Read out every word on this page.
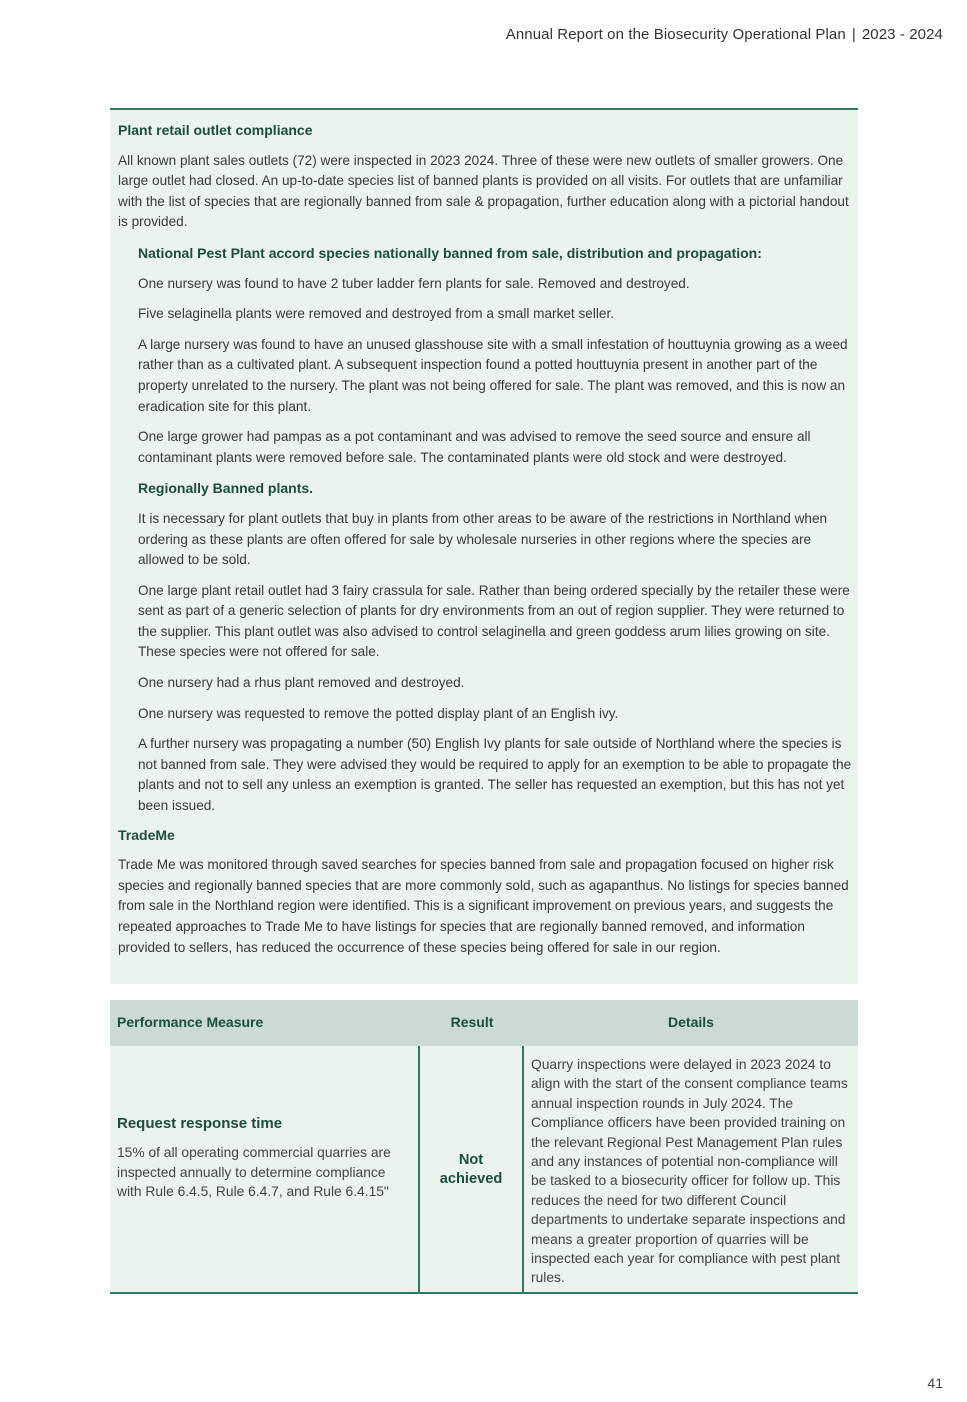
Annual Report on the Biosecurity Operational Plan | 2023 - 2024
Plant retail outlet compliance

All known plant sales outlets (72) were inspected in 2023 2024. Three of these were new outlets of smaller growers. One large outlet had closed. An up-to-date species list of banned plants is provided on all visits. For outlets that are unfamiliar with the list of species that are regionally banned from sale & propagation, further education along with a pictorial handout is provided.

National Pest Plant accord species nationally banned from sale, distribution and propagation:

One nursery was found to have 2 tuber ladder fern plants for sale. Removed and destroyed.

Five selaginella plants were removed and destroyed from a small market seller.

A large nursery was found to have an unused glasshouse site with a small infestation of houttuynia growing as a weed rather than as a cultivated plant. A subsequent inspection found a potted houttuynia present in another part of the property unrelated to the nursery. The plant was not being offered for sale. The plant was removed, and this is now an eradication site for this plant.

One large grower had pampas as a pot contaminant and was advised to remove the seed source and ensure all contaminant plants were removed before sale. The contaminated plants were old stock and were destroyed.

Regionally Banned plants.

It is necessary for plant outlets that buy in plants from other areas to be aware of the restrictions in Northland when ordering as these plants are often offered for sale by wholesale nurseries in other regions where the species are allowed to be sold.

One large plant retail outlet had 3 fairy crassula for sale. Rather than being ordered specially by the retailer these were sent as part of a generic selection of plants for dry environments from an out of region supplier. They were returned to the supplier. This plant outlet was also advised to control selaginella and green goddess arum lilies growing on site. These species were not offered for sale.

One nursery had a rhus plant removed and destroyed.

One nursery was requested to remove the potted display plant of an English ivy.

A further nursery was propagating a number (50) English Ivy plants for sale outside of Northland where the species is not banned from sale. They were advised they would be required to apply for an exemption to be able to propagate the plants and not to sell any unless an exemption is granted. The seller has requested an exemption, but this has not yet been issued.

TradeMe

Trade Me was monitored through saved searches for species banned from sale and propagation focused on higher risk species and regionally banned species that are more commonly sold, such as agapanthus. No listings for species banned from sale in the Northland region were identified. This is a significant improvement on previous years, and suggests the repeated approaches to Trade Me to have listings for species that are regionally banned removed, and information provided to sellers, has reduced the occurrence of these species being offered for sale in our region.

Performance Measure	Result	Details
Request response time

15% of all operating commercial quarries are inspected annually to determine compliance with Rule 6.4.5, Rule 6.4.7, and Rule 6.4.15"

Not achieved
Quarry inspections were delayed in 2023 2024 to align with the start of the consent compliance teams annual inspection rounds in July 2024. The Compliance officers have been provided training on the relevant Regional Pest Management Plan rules and any instances of potential non-compliance will be tasked to a biosecurity officer for follow up. This reduces the need for two different Council departments to undertake separate inspections and means a greater proportion of quarries will be inspected each year for compliance with pest plant rules.
41
